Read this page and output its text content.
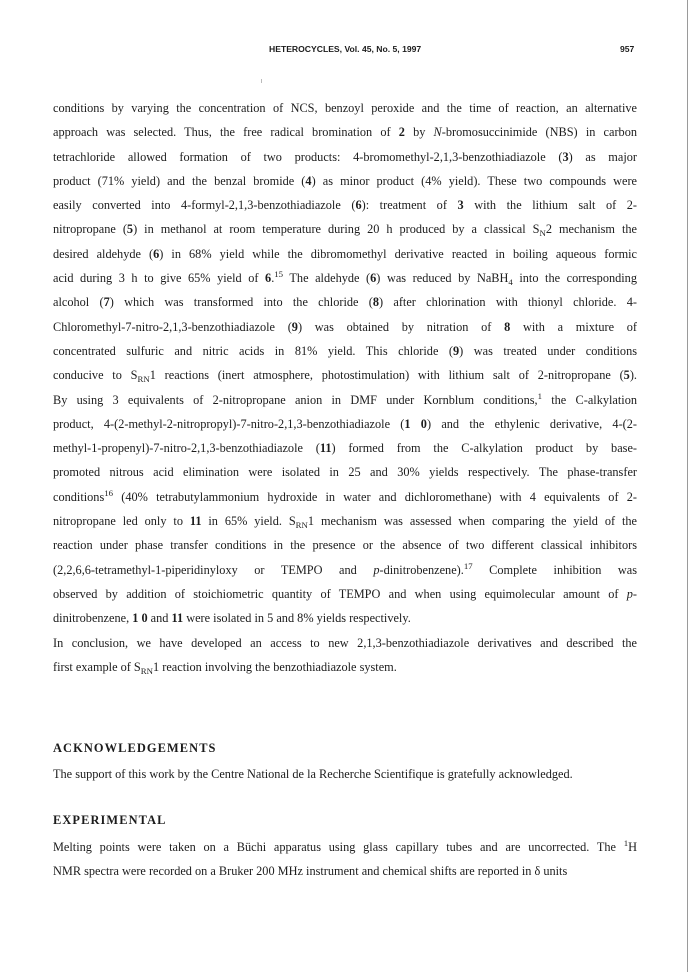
HETEROCYCLES, Vol. 45, No. 5, 1997	957
conditions by varying the concentration of NCS, benzoyl peroxide and the time of reaction, an alternative
approach was selected. Thus, the free radical bromination of 2 by N-bromosuccinimide (NBS) in carbon
tetrachloride allowed formation of two products: 4-bromomethyl-2,1,3-benzothiadiazole (3) as major
product (71% yield) and the benzal bromide (4) as minor product (4% yield). These two compounds were
easily converted into 4-formyl-2,1,3-benzothiadiazole (6): treatment of 3 with the lithium salt of 2-
nitropropane (5) in methanol at room temperature during 20 h produced by a classical $S_N2$ mechanism the
desired aldehyde (6) in 68% yield while the dibromomethyl derivative reacted in boiling aqueous formic
acid during 3 h to give 65% yield of 6.15 The aldehyde (6) was reduced by NaBH$_4$ into the corresponding
alcohol (7) which was transformed into the chloride (8) after chlorination with thionyl chloride. 4-
Chloromethyl-7-nitro-2,1,3-benzothiadiazole (9) was obtained by nitration of 8 with a mixture of
concentrated sulfuric and nitric acids in 81% yield. This chloride (9) was treated under conditions
conducive to $S_{RN}1$ reactions (inert atmosphere, photostimulation) with lithium salt of 2-nitropropane (5).
By using 3 equivalents of 2-nitropropane anion in DMF under Kornblum conditions,$^1$ the C-alkylation
product, 4-(2-methyl-2-nitropropyl)-7-nitro-2,1,3-benzothiadiazole (1 0) and the ethylenic derivative, 4-(2-
methyl-1-propenyl)-7-nitro-2,1,3-benzothiadiazole (11) formed from the C-alkylation product by base-
promoted nitrous acid elimination were isolated in 25 and 30% yields respectively. The phase-transfer
conditions$^{16}$ (40% tetrabutylammonium hydroxide in water and dichloromethane) with 4 equivalents of 2-
nitropropane led only to 11 in 65% yield. $S_{RN}1$ mechanism was assessed when comparing the yield of the
reaction under phase transfer conditions in the presence or the absence of two different classical inhibitors
(2,2,6,6-tetramethyl-1-piperidinyloxy or TEMPO and p-dinitrobenzene).$^{17}$ Complete inhibition was
observed by addition of stoichiometric quantity of TEMPO and when using equimolecular amount of p-
dinitrobenzene, 1 0 and 11 were isolated in 5 and 8% yields respectively.
In conclusion, we have developed an access to new 2,1,3-benzothiadiazole derivatives and described the
first example of $S_{RN}1$ reaction involving the benzothiadiazole system.
ACKNOWLEDGEMENTS
The support of this work by the Centre National de la Recherche Scientifique is gratefully acknowledged.
EXPERIMENTAL
Melting points were taken on a Büchi apparatus using glass capillary tubes and are uncorrected. The $^1$H
NMR spectra were recorded on a Bruker 200 MHz instrument and chemical shifts are reported in δ units
